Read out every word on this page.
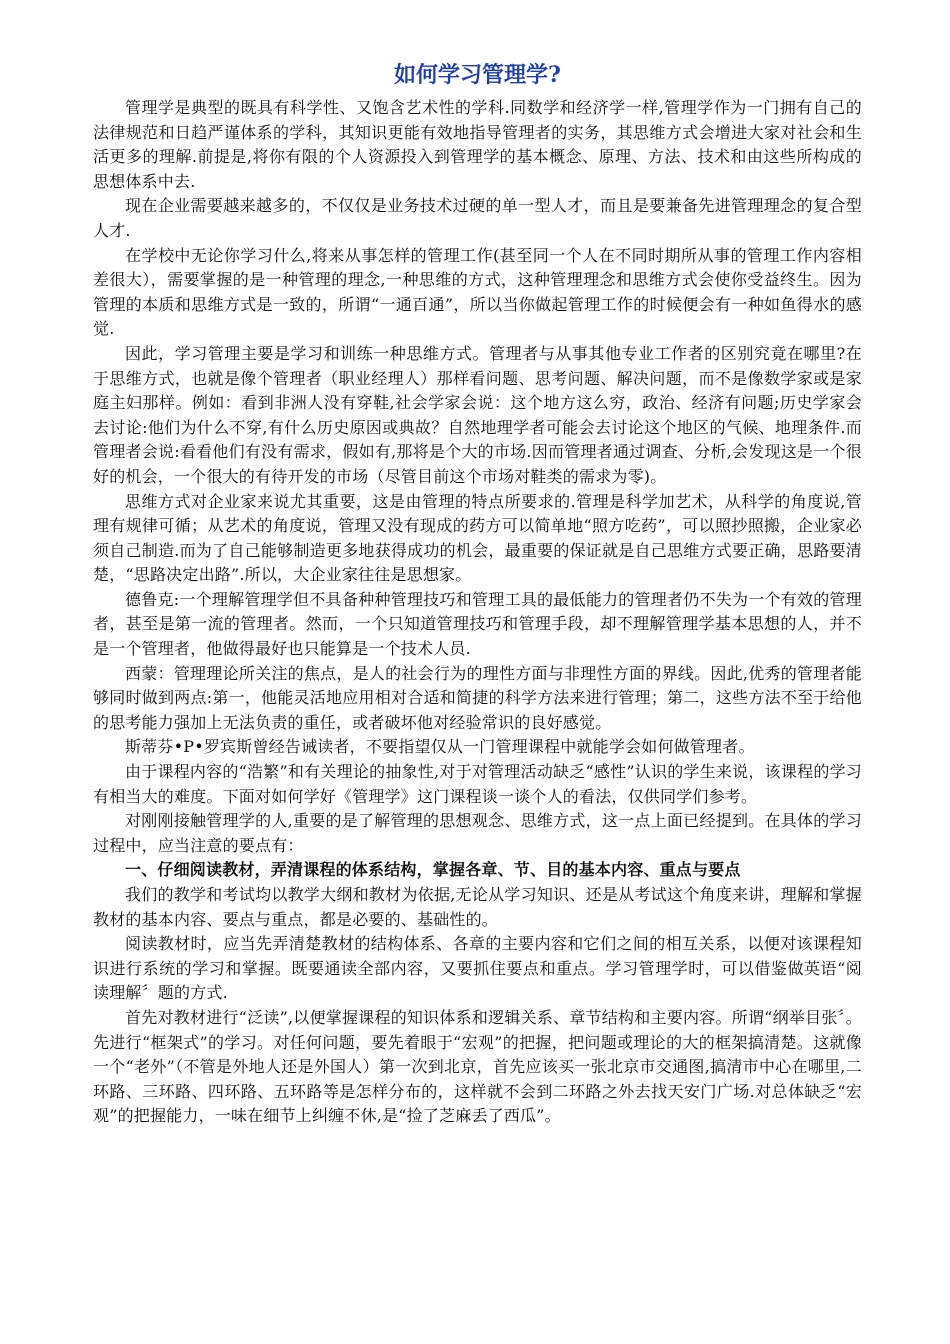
如何学习管理学?

管理学是典型的既具有科学性、又饱含艺术性的学科.同数学和经济学一样,管理学作为一门拥有自己的法律规范和日趋严谨体系的学科，其知识更能有效地指导管理者的实务，其思维方式会增进大家对社会和生活更多的理解.前提是,将你有限的个人资源投入到管理学的基本概念、原理、方法、技术和由这些所构成的思想体系中去.

现在企业需要越来越多的，不仅仅是业务技术过硬的单一型人才，而且是要兼备先进管理理念的复合型人才.

在学校中无论你学习什么,将来从事怎样的管理工作(甚至同一个人在不同时期所从事的管理工作内容相差很大），需要掌握的是一种管理的理念,一种思维的方式，这种管理理念和思维方式会使你受益终生。因为管理的本质和思维方式是一致的，所谓“一通百通”，所以当你做起管理工作的时候便会有一种如鱼得水的感觉.

因此，学习管理主要是学习和训练一种思维方式。管理者与从事其他专业工作者的区别究竟在哪里?在于思维方式，也就是像个管理者（职业经理人）那样看问题、思考问题、解决问题，而不是像数学家或是家庭主妇那样。例如：看到非洲人没有穿鞋,社会学家会说：这个地方这么穷，政治、经济有问题;历史学家会去讨论:他们为什么不穿,有什么历史原因或典故？自然地理学者可能会去讨论这个地区的气候、地理条件.而管理者会说:看看他们有没有需求，假如有,那将是个大的市场.因而管理者通过调查、分析,会发现这是一个很好的机会，一个很大的有待开发的市场（尽管目前这个市场对鞋类的需求为零)。

思维方式对企业家来说尤其重要，这是由管理的特点所要求的.管理是科学加艺术，从科学的角度说,管理有规律可循；从艺术的角度说，管理又没有现成的药方可以简单地“照方吃药”，可以照抄照搬，企业家必须自己制造.而为了自己能够制造更多地获得成功的机会，最重要的保证就是自己思维方式要正确，思路要清楚，“思路决定出路”.所以，大企业家往往是思想家。

德鲁克:一个理解管理学但不具备种种管理技巧和管理工具的最低能力的管理者仍不失为一个有效的管理者，甚至是第一流的管理者。然而，一个只知道管理技巧和管理手段，却不理解管理学基本思想的人，并不是一个管理者，他做得最好也只能算是一个技术人员.

西蒙：管理理论所关注的焦点，是人的社会行为的理性方面与非理性方面的界线。因此,优秀的管理者能够同时做到两点:第一，他能灵活地应用相对合适和简捷的科学方法来进行管理；第二，这些方法不至于给他的思考能力强加上无法负责的重任，或者破坏他对经验常识的良好感觉。

斯蒂芬•P•罗宾斯曾经告诫读者，不要指望仅从一门管理课程中就能学会如何做管理者。

由于课程内容的“浩繁”和有关理论的抽象性,对于对管理活动缺乏“感性”认识的学生来说，该课程的学习有相当大的难度。下面对如何学好《管理学》这门课程谈一谈个人的看法，仅供同学们参考。

对刚刚接触管理学的人,重要的是了解管理的思想观念、思维方式，这一点上面已经提到。在具体的学习过程中，应当注意的要点有：

一、仔细阅读教材，弄清课程的体系结构，掌握各章、节、目的基本内容、重点与要点

我们的教学和考试均以教学大纲和教材为依据,无论从学习知识、还是从考试这个角度来讲，理解和掌握教材的基本内容、要点与重点，都是必要的、基础性的。

阅读教材时，应当先弄清楚教材的结构体系、各章的主要内容和它们之间的相互关系，以便对该课程知识进行系统的学习和掌握。既要通读全部内容，又要抓住要点和重点。学习管理学时，可以借鉴做英语“阅读理解〞题的方式.

首先对教材进行“泛读”,以便掌握课程的知识体系和逻辑关系、章节结构和主要内容。所谓“纲举目张〞。先进行“框架式”的学习。对任何问题，要先着眼于“宏观”的把握，把问题或理论的大的框架搞清楚。这就像一个“老外”（不管是外地人还是外国人）第一次到北京，首先应该买一张北京市交通图,搞清市中心在哪里,二环路、三环路、四环路、五环路等是怎样分布的，这样就不会到二环路之外去找天安门广场.对总体缺乏“宏观”的把握能力，一味在细节上纠缠不休,是“捡了芝麻丢了西瓜”。
